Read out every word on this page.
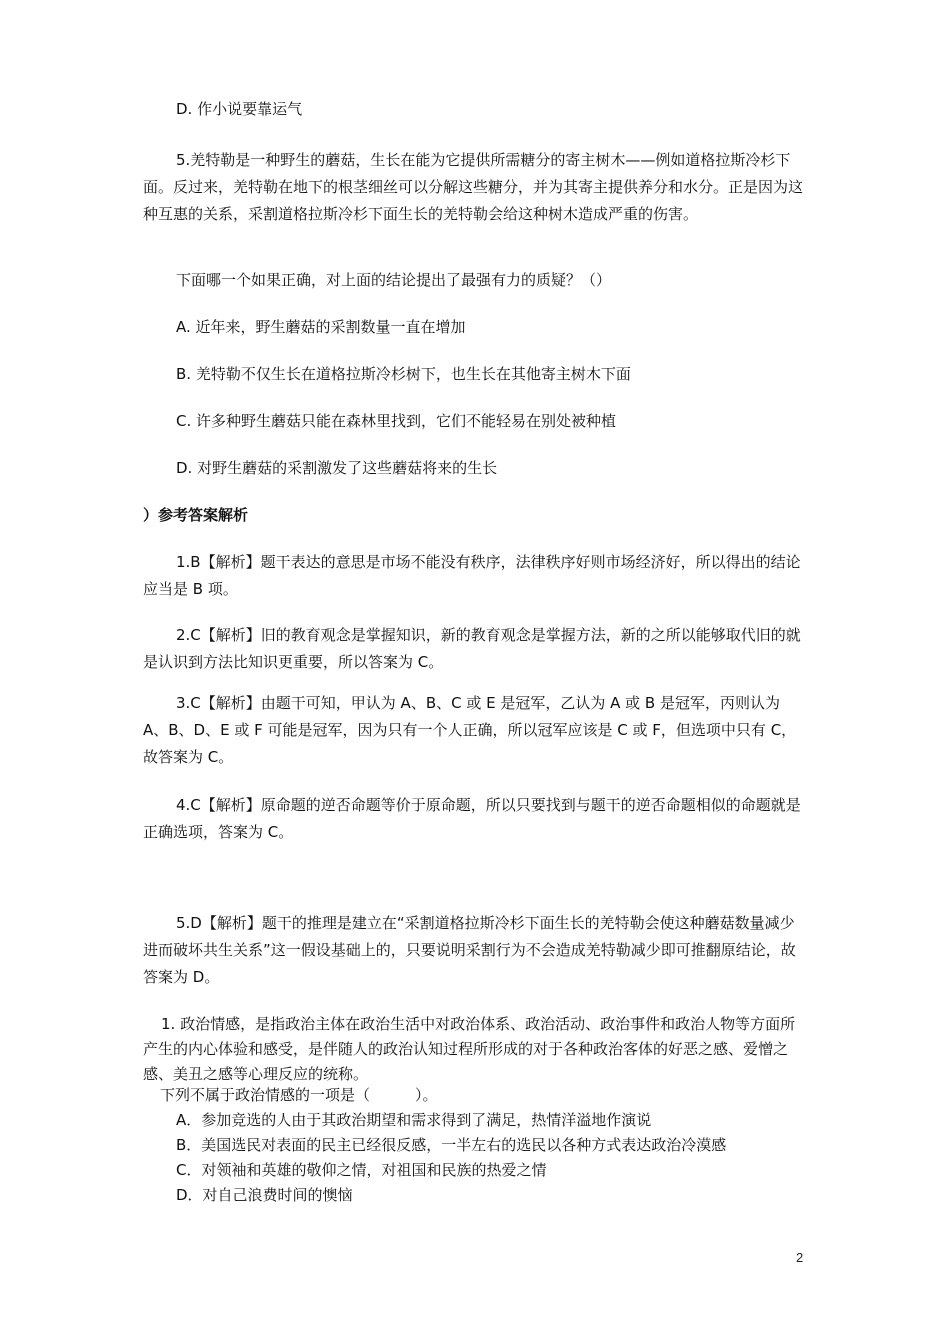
D. 作小说要靠运气

5.羌特勒是一种野生的蘑菇，生长在能为它提供所需糖分的寄主树木——例如道格拉斯冷杉下面。反过来，羌特勒在地下的根茎细丝可以分解这些糖分，并为其寄主提供养分和水分。正是因为这种互惠的关系，采割道格拉斯冷杉下面生长的羌特勒会给这种树木造成严重的伤害。

下面哪一个如果正确，对上面的结论提出了最强有力的质疑？（）

A. 近年来，野生蘑菇的采割数量一直在增加

B. 羌特勒不仅生长在道格拉斯冷杉树下，也生长在其他寄主树木下面

C. 许多种野生蘑菇只能在森林里找到，它们不能轻易在别处被种植

D. 对野生蘑菇的采割激发了这些蘑菇将来的生长

）参考答案解析

1.B【解析】题干表达的意思是市场不能没有秩序，法律秩序好则市场经济好，所以得出的结论应当是 B 项。

2.C【解析】旧的教育观念是掌握知识，新的教育观念是掌握方法，新的之所以能够取代旧的就是认识到方法比知识更重要，所以答案为 C。

3.C【解析】由题干可知，甲认为 A、B、C 或 E 是冠军，乙认为 A 或 B 是冠军，丙则认为 A、B、D、E 或 F 可能是冠军，因为只有一个人正确，所以冠军应该是 C 或 F，但选项中只有 C，故答案为 C。

4.C【解析】原命题的逆否命题等价于原命题，所以只要找到与题干的逆否命题相似的命题就是正确选项，答案为 C。

5.D【解析】题干的推理是建立在“采割道格拉斯冷杉下面生长的羌特勒会使这种蘑菇数量减少进而破坏共生关系”这一假设基础上的，只要说明采割行为不会造成羌特勒减少即可推翻原结论，故答案为 D。

1. 政治情感，是指政治主体在政治生活中对政治体系、政治活动、政治事件和政治人物等方面所产生的内心体验和感受，是伴随人的政治认知过程所形成的对于各种政治客体的好恶之感、爱憎之感、美丑之感等心理反应的统称。

下列不属于政治情感的一项是（　　　）。

A．参加竞选的人由于其政治期望和需求得到了满足，热情洋溢地作演说

B．美国选民对表面的民主已经很反感，一半左右的选民以各种方式表达政治冷漠感

C．对领袖和英雄的敬仰之情，对祖国和民族的热爱之情

D．对自己浪费时间的懊恼

2
